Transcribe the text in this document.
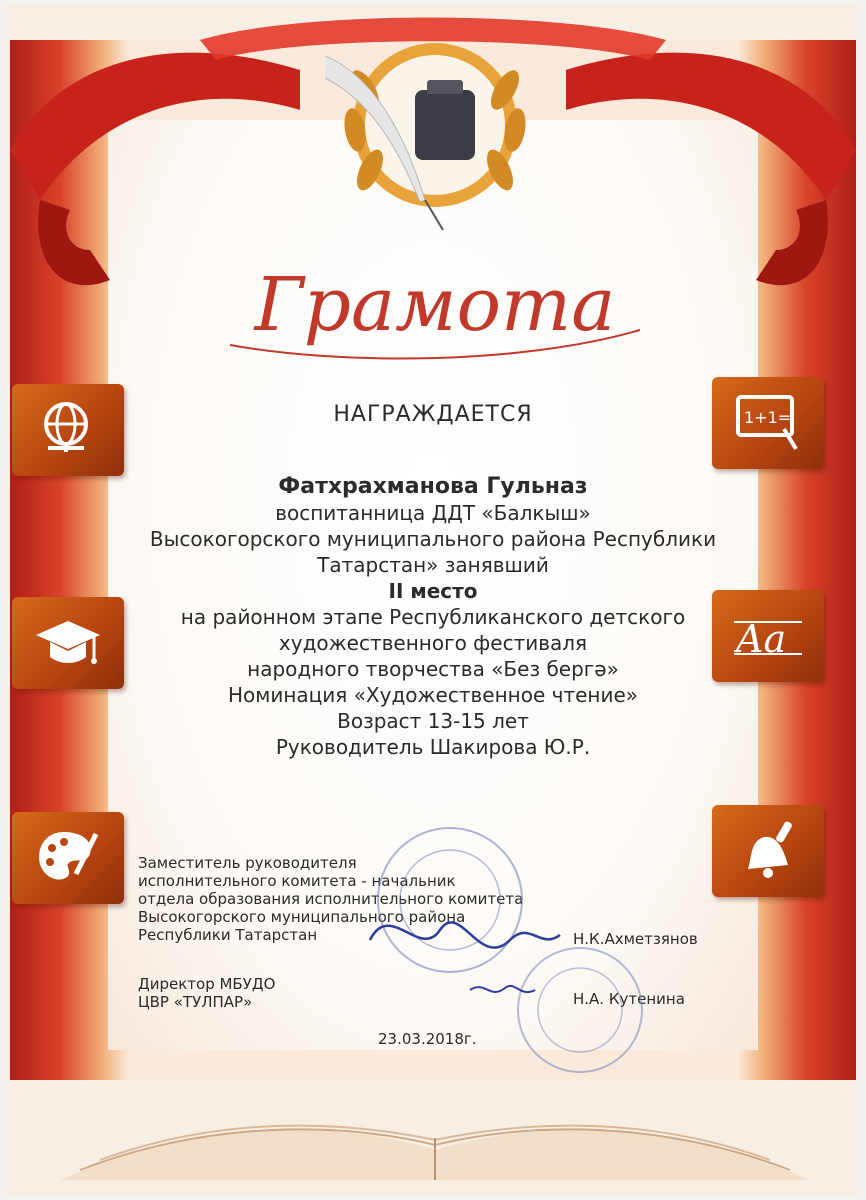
Грамота
НАГРАЖДАЕТСЯ
Фатхрахманова Гульназ
воспитанница ДДТ «Балкыш»
Высокогорского муниципального района Республики
Татарстан» занявший
II место
на районном этапе Республиканского детского
художественного фестиваля
народного творчества «Без бергә»
Номинация «Художественное чтение»
Возраст 13-15 лет
Руководитель Шакирова Ю.Р.
1+1=
Aa
Заместитель руководителя
исполнительного комитета - начальник
отдела образования исполнительного комитета
Высокогорского муниципального района
Республики Татарстан	Н.К.Ахметзянов
Директор МБУДО
ЦВР «ТУЛПАР»	Н.А. Кутенина
23.03.2018г.
